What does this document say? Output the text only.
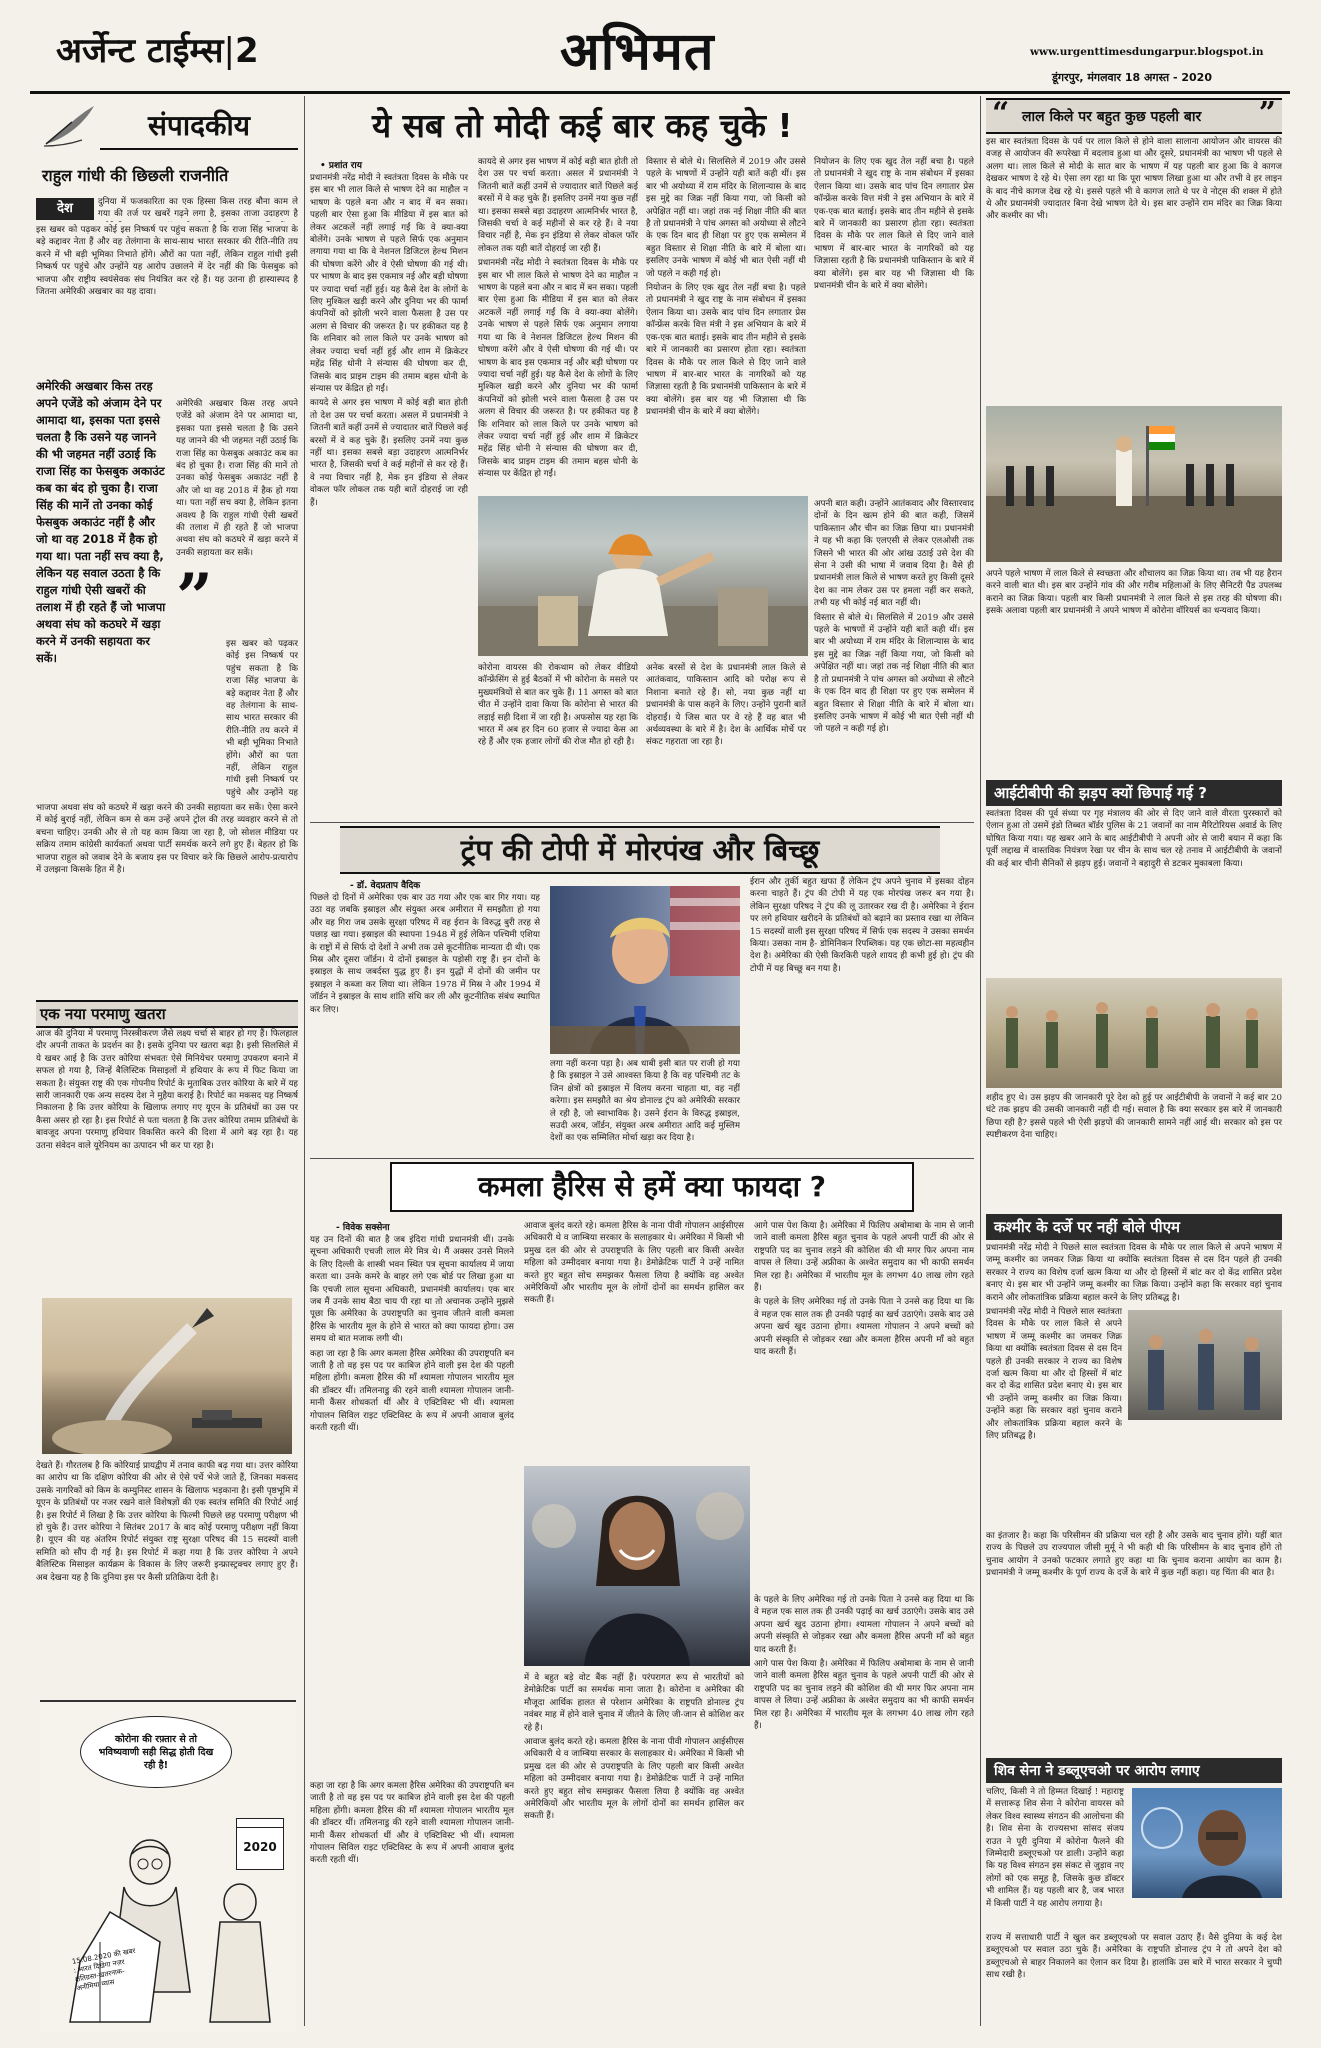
अर्जेन्ट टाईम्स|2	अभिमत	www.urgenttimesdungarpur.blogspot.in
डूंगरपुर, मंगलवार 18 अगस्त - 2020
संपादकीय
राहुल गांधी की छिछली राजनीति
देश	दुनिया में फजकारिता का एक हिस्सा किस तरह बौना काम ले गया की तर्ज पर खबरें गढ़ने लगा है, इसका ताजा उदाहरण है

इस खबर को पढ़कर कोई इस निष्कर्ष पर पहुंच सकता है कि राजा सिंह भाजपा के बड़े कद्दावर नेता हैं और वह तेलंगाना के साथ-साथ भारत सरकार की रीति-नीति तय करने में भी बड़ी भूमिका निभाते होंगे। औरों का पता नहीं, लेकिन राहुल गांधी इसी निष्कर्ष पर पहुंचे और उन्होंने यह आरोप उछालने में देर नहीं की कि फेसबुक को भाजपा और राष्ट्रीय स्वयंसेवक संघ नियंत्रित कर रहे हैं। यह उतना ही हास्यास्पद है जितना अमेरिकी अखबार का यह दावा।

अमेरिकी अखबार किस तरह अपने एजेंडे को अंजाम देने पर आमादा था, इसका पता इससे चलता है कि उसने यह जानने की भी जहमत नहीं उठाई कि राजा सिंह का फेसबुक अकाउंट कब का बंद हो चुका है। राजा सिंह की मानें तो उनका कोई फेसबुक अकाउंट नहीं है और जो था वह 2018 में हैक हो गया था। पता नहीं सच क्या है, लेकिन यह सवाल उठता है कि राहुल गांधी ऐसी खबरों की तलाश में ही रहते हैं जो भाजपा अथवा संघ को कठघरे में खड़ा करने में उनकी सहायता कर सकें।
”

अमेरिकी अखबार किस तरह अपने एजेंडे को अंजाम देने पर आमादा था, इसका पता इससे चलता है कि उसने यह जानने की भी जहमत नहीं उठाई कि राजा सिंह का फेसबुक अकाउंट कब का बंद हो चुका है। राजा सिंह की मानें तो उनका कोई फेसबुक अकाउंट नहीं है और जो था वह 2018 में हैक हो गया था। पता नहीं सच क्या है, लेकिन इतना अवश्य है कि राहुल गांधी ऐसी खबरों की तलाश में ही रहते हैं जो भाजपा अथवा संघ को कठघरे में खड़ा करने में उनकी सहायता कर सकें।

इस खबर को पढ़कर कोई इस निष्कर्ष पर पहुंच सकता है कि राजा सिंह भाजपा के बड़े कद्दावर नेता हैं और वह तेलंगाना के साथ-साथ भारत सरकार की रीति-नीति तय करने में भी बड़ी भूमिका निभाते होंगे। औरों का पता नहीं, लेकिन राहुल गांधी इसी निष्कर्ष पर पहुंचे और उन्होंने यह

भाजपा अथवा संघ को कठघरे में खड़ा करने की उनकी सहायता कर सकें। ऐसा करने में कोई बुराई नहीं, लेकिन कम से कम उन्हें अपने ट्रोल की तरह व्यवहार करने से तो बचना चाहिए। उनकी और से तो यह काम किया जा रहा है, जो सोशल मीडिया पर सक्रिय तमाम कांग्रेसी कार्यकर्ता अथवा पार्टी समर्थक करने लगे हुए हैं। बेहतर हो कि भाजपा राहुल को जवाब देने के बजाय इस पर विचार करे कि छिछले आरोप-प्रत्यारोप में उलझना किसके हित में है।

एक नया परमाणु खतरा

आज की दुनिया में परमाणु निरस्त्रीकरण जैसे लक्ष्य चर्चा से बाहर हो गए हैं। फिलहाल दौर अपनी ताकत के प्रदर्शन का है। इसके दुनिया पर खतरा बढ़ा है। इसी सिलसिले में ये खबर आई है कि उत्तर कोरिया संभवतः ऐसे मिनियेचर परमाणु उपकरण बनाने में सफल हो गया है, जिन्हें बैलिस्टिक मिसाइलों में हथियार के रूप में फिट किया जा सकता है। संयुक्त राष्ट्र की एक गोपनीय रिपोर्ट के मुताबिक उत्तर कोरिया के बारे में यह सारी जानकारी एक अन्य सदस्य देश ने मुहैया कराई है। रिपोर्ट का मकसद यह निष्कर्ष निकालना है कि उत्तर कोरिया के खिलाफ लगाए गए यूएन के प्रतिबंधों का उस पर कैसा असर हो रहा है। इस रिपोर्ट से पता चलता है कि उत्तर कोरिया तमाम प्रतिबंधों के बावजूद अपना परमाणु हथियार विकसित करने की दिशा में आगे बढ़ रहा है। यह उतना संवेदन वाले यूरेनियम का उत्पादन भी कर पा रहा है।

देखते हैं। गौरतलब है कि कोरियाई प्रायद्वीप में तनाव काफी बढ़ गया था। उत्तर कोरिया का आरोप था कि दक्षिण कोरिया की ओर से ऐसे पर्चे भेजे जाते हैं, जिनका मकसद उसके नागरिकों को किम के कम्युनिस्ट शासन के खिलाफ भड़काना है। इसी पृष्ठभूमि में यूएन के प्रतिबंधों पर नजर रखने वाले विशेषज्ञों की एक स्वतंत्र समिति की रिपोर्ट आई है। इस रिपोर्ट में लिखा है कि उत्तर कोरिया के फिल्मी पिछले छह परमाणु परीक्षण भी हो चुके हैं। उत्तर कोरिया ने सितंबर 2017 के बाद कोई परमाणु परीक्षण नहीं किया है। यूएन की यह अंतरिम रिपोर्ट संयुक्त राष्ट्र सुरक्षा परिषद की 15 सदस्यों वाली समिति को सौंप दी गई है। इस रिपोर्ट में कहा गया है कि उत्तर कोरिया ने अपने बैलिस्टिक मिसाइल कार्यक्रम के विकास के लिए जरूरी इन्फ्रास्ट्रक्चर लगाए हुए हैं। अब देखना यह है कि दुनिया इस पर कैसी प्रतिक्रिया देती है।

कोरोना की रफ़्तार से तो भविष्यवाणी सही सिद्ध होती दिख रही है!
2020
15.08.2020 की खबर : भारत दिखेगा नज़र क्षतिग्रस्त-खतरनाक-अनीमिया व्यास
ये सब तो मोदी कई बार कह चुके !
• प्रशांत राय

प्रधानमंत्री नरेंद्र मोदी ने स्वतंत्रता दिवस के मौके पर इस बार भी लाल किले से भाषण देने का माहौल न भाषण के पहले बना और न बाद में बन सका। पहली बार ऐसा हुआ कि मीडिया में इस बात को लेकर अटकलें नहीं लगाई गईं कि वे क्या-क्या बोलेंगे। उनके भाषण से पहले सिर्फ एक अनुमान लगाया गया था कि वे नेशनल डिजिटल हेल्थ मिशन की घोषणा करेंगे और वे ऐसी घोषणा की गई थी। पर भाषण के बाद इस एकमात्र नई और बड़ी घोषणा पर ज्यादा चर्चा नहीं हुई। यह कैसे देश के लोगों के लिए मुश्किल खड़ी करने और दुनिया भर की फार्मा कंपनियों को झोली भरने वाला फैसला है उस पर अलग से विचार की जरूरत है। पर हकीकत यह है कि शनिवार को लाल किले पर उनके भाषण को लेकर ज्यादा चर्चा नहीं हुई और शाम में क्रिकेटर महेंद्र सिंह धोनी ने संन्यास की घोषणा कर दी, जिसके बाद प्राइम टाइम की तमाम बहस धोनी के संन्यास पर केंद्रित हो गईं।

कायदे से अगर इस भाषण में कोई बड़ी बात होती तो देश उस पर चर्चा करता। असल में प्रधानमंत्री ने जितनी बातें कहीं उनमें से ज्यादातर बातें पिछले कई बरसों में वे कह चुके हैं। इसलिए उनमें नया कुछ नहीं था। इसका सबसे बड़ा उदाहरण आत्मनिर्भर भारत है, जिसकी चर्चा वे कई महीनों से कर रहे हैं। वे नया विचार नहीं है, मेक इन इंडिया से लेकर वोकल फॉर लोकल तक यही बातें दोहराई जा रही हैं।

कायदे से अगर इस भाषण में कोई बड़ी बात होती तो देश उस पर चर्चा करता। असल में प्रधानमंत्री ने जितनी बातें कहीं उनमें से ज्यादातर बातें पिछले कई बरसों में वे कह चुके हैं। इसलिए उनमें नया कुछ नहीं था। इसका सबसे बड़ा उदाहरण आत्मनिर्भर भारत है, जिसकी चर्चा वे कई महीनों से कर रहे हैं। वे नया विचार नहीं है, मेक इन इंडिया से लेकर वोकल फॉर लोकल तक यही बातें दोहराई जा रही हैं।

प्रधानमंत्री नरेंद्र मोदी ने स्वतंत्रता दिवस के मौके पर इस बार भी लाल किले से भाषण देने का माहौल न भाषण के पहले बना और न बाद में बन सका। पहली बार ऐसा हुआ कि मीडिया में इस बात को लेकर अटकलें नहीं लगाई गईं कि वे क्या-क्या बोलेंगे। उनके भाषण से पहले सिर्फ एक अनुमान लगाया गया था कि वे नेशनल डिजिटल हेल्थ मिशन की घोषणा करेंगे और वे ऐसी घोषणा की गई थी। पर भाषण के बाद इस एकमात्र नई और बड़ी घोषणा पर ज्यादा चर्चा नहीं हुई। यह कैसे देश के लोगों के लिए मुश्किल खड़ी करने और दुनिया भर की फार्मा कंपनियों को झोली भरने वाला फैसला है उस पर अलग से विचार की जरूरत है। पर हकीकत यह है कि शनिवार को लाल किले पर उनके भाषण को लेकर ज्यादा चर्चा नहीं हुई और शाम में क्रिकेटर महेंद्र सिंह धोनी ने संन्यास की घोषणा कर दी, जिसके बाद प्राइम टाइम की तमाम बहस धोनी के संन्यास पर केंद्रित हो गईं।

विस्तार से बोले थे। सिलसिले में 2019 और उससे पहले के भाषणों में उन्होंने यही बातें कही थीं। इस बार भी अयोध्या में राम मंदिर के शिलान्यास के बाद इस मुद्दे का जिक्र नहीं किया गया, जो किसी को अपेक्षित नहीं था। जहां तक नई शिक्षा नीति की बात है तो प्रधानमंत्री ने पांच अगस्त को अयोध्या से लौटने के एक दिन बाद ही शिक्षा पर हुए एक सम्मेलन में बहुत विस्तार से शिक्षा नीति के बारे में बोला था। इसलिए उनके भाषण में कोई भी बात ऐसी नहीं थी जो पहले न कही गई हो।

नियोजन के लिए एक खुद तेल नहीं बचा है। पहले तो प्रधानमंत्री ने खुद राष्ट्र के नाम संबोधन में इसका ऐलान किया था। उसके बाद पांच दिन लगातार प्रेस कॉन्फ्रेंस करके वित्त मंत्री ने इस अभियान के बारे में एक-एक बात बताई। इसके बाद तीन महीने से इसके बारे में जानकारी का प्रसारण होता रहा। स्वतंत्रता दिवस के मौके पर लाल किले से दिए जाने वाले भाषण में बार-बार भारत के नागरिकों को यह जिज्ञासा रहती है कि प्रधानमंत्री पाकिस्तान के बारे में क्या बोलेंगे। इस बार यह भी जिज्ञासा थी कि प्रधानमंत्री चीन के बारे में क्या बोलेंगे।

नियोजन के लिए एक खुद तेल नहीं बचा है। पहले तो प्रधानमंत्री ने खुद राष्ट्र के नाम संबोधन में इसका ऐलान किया था। उसके बाद पांच दिन लगातार प्रेस कॉन्फ्रेंस करके वित्त मंत्री ने इस अभियान के बारे में एक-एक बात बताई। इसके बाद तीन महीने से इसके बारे में जानकारी का प्रसारण होता रहा। स्वतंत्रता दिवस के मौके पर लाल किले से दिए जाने वाले भाषण में बार-बार भारत के नागरिकों को यह जिज्ञासा रहती है कि प्रधानमंत्री पाकिस्तान के बारे में क्या बोलेंगे। इस बार यह भी जिज्ञासा थी कि प्रधानमंत्री चीन के बारे में क्या बोलेंगे।

अपनी बात कही। उन्होंने आतंकवाद और विस्तारवाद दोनों के दिन खत्म होने की बात कही, जिसमें पाकिस्तान और चीन का जिक्र छिपा था। प्रधानमंत्री ने यह भी कहा कि एलएसी से लेकर एलओसी तक जिसने भी भारत की ओर आंख उठाई उसे देश की सेना ने उसी की भाषा में जवाब दिया है। वैसे ही प्रधानमंत्री लाल किले से भाषण करते हुए किसी दूसरे देश का नाम लेकर उस पर हमला नहीं कर सकते, तभी यह भी कोई नई बात नहीं थी।

विस्तार से बोले थे। सिलसिले में 2019 और उससे पहले के भाषणों में उन्होंने यही बातें कही थीं। इस बार भी अयोध्या में राम मंदिर के शिलान्यास के बाद इस मुद्दे का जिक्र नहीं किया गया, जो किसी को अपेक्षित नहीं था। जहां तक नई शिक्षा नीति की बात है तो प्रधानमंत्री ने पांच अगस्त को अयोध्या से लौटने के एक दिन बाद ही शिक्षा पर हुए एक सम्मेलन में बहुत विस्तार से शिक्षा नीति के बारे में बोला था। इसलिए उनके भाषण में कोई भी बात ऐसी नहीं थी जो पहले न कही गई हो।

कोरोना वायरस की रोकथाम को लेकर वीडियो कॉन्फ्रेंसिंग से हुई बैठकों में भी कोरोना के मसले पर मुख्यमंत्रियों से बात कर चुके हैं। 11 अगस्त को बात चीत में उन्होंने दावा किया कि कोरोना से भारत की लड़ाई सही दिशा में जा रही है। अफसोस यह रहा कि भारत में अब हर दिन 60 हजार से ज्यादा केस आ रहे हैं और एक हजार लोगों की रोज मौत हो रही है।

अनेक बरसों से देश के प्रधानमंत्री लाल किले से आतंकवाद, पाकिस्तान आदि को परोक्ष रूप से निशाना बनाते रहे हैं। सो, नया कुछ नहीं था प्रधानमंत्री के पास कहने के लिए। उन्होंने पुरानी बातें दोहराईं। ये जिस बात पर वे रहे हैं वह बात भी अर्थव्यवस्था के बारे में है। देश के आर्थिक मोर्चे पर संकट गहराता जा रहा है।

ट्रंप की टोपी में मोरपंख और बिच्छू
- डॉ. वेदप्रताप वैदिक

पिछले दो दिनों में अमेरिका एक बार उठ गया और एक बार गिर गया। यह उठा वह जबकि इस्राइल और संयुक्त अरब अमीरात में समझौता हो गया और वह गिरा जब उसके सुरक्षा परिषद में वह ईरान के विरुद्ध बुरी तरह से पछाड़ खा गया। इस्राइल की स्थापना 1948 में हुई लेकिन पश्चिमी एशिया के राष्ट्रों में से सिर्फ दो देशों ने अभी तक उसे कूटनीतिक मान्यता दी थी। एक मिस्र और दूसरा जॉर्डन। ये दोनों इस्राइल के पड़ोसी राष्ट्र हैं। इन दोनों के इस्राइल के साथ जबर्दस्त युद्ध हुए हैं। इन युद्धों में दोनों की जमीन पर इस्राइल ने कब्जा कर लिया था। लेकिन 1978 में मिस्र ने और 1994 में जॉर्डन ने इस्राइल के साथ शांति संधि कर ली और कूटनीतिक संबंध स्थापित कर लिए।

लगा नहीं करना पड़ा है। अब धाबी इसी बात पर राजी हो गया है कि इस्राइल ने उसे आश्वस्त किया है कि वह पश्चिमी तट के जिन क्षेत्रों को इस्राइल में विलय करना चाहता था, वह नहीं करेगा। इस समझौते का श्रेय डोनाल्ड ट्रंप को अमेरिकी सरकार ले रही है, जो स्वाभाविक है। उसने ईरान के विरुद्ध इस्राइल, सउदी अरब, जॉर्डन, संयुक्त अरब अमीरात आदि कई मुस्लिम देशों का एक सम्मिलित मोर्चा खड़ा कर दिया है।

ईरान और तुर्की बहुत खफा हैं लेकिन ट्रंप अपने चुनाव में इसका दोहन करना चाहते हैं। ट्रंप की टोपी में यह एक मोरपंख जरूर बन गया है। लेकिन सुरक्षा परिषद ने ट्रंप की लू उतारकर रख दी है। अमेरिका ने ईरान पर लगे हथियार खरीदने के प्रतिबंधों को बढ़ाने का प्रस्ताव रखा था लेकिन 15 सदस्यों वाली इस सुरक्षा परिषद में सिर्फ एक सदस्य ने उसका समर्थन किया। उसका नाम है- डोमिनिकन रिपब्लिक। यह एक छोटा-सा महत्वहीन देश है। अमेरिका की ऐसी किरकिरी पहले शायद ही कभी हुई हो। ट्रंप की टोपी में यह बिच्छू बन गया है।

कमला हैरिस से हमें क्या फायदा ?
- विवेक सक्सेना

यह उन दिनों की बात है जब इंदिरा गांधी प्रधानमंत्री थीं। उनके सूचना अधिकारी एचजी लाल मेरे मित्र थे। मैं अक्सर उनसे मिलने के लिए दिल्ली के शास्त्री भवन स्थित पत्र सूचना कार्यालय में जाया करता था। उनके कमरे के बाहर लगे एक बोर्ड पर लिखा हुआ था कि एचजी लाल सूचना अधिकारी, प्रधानमंत्री कार्यालय। एक बार जब मैं उनके साथ बैठा चाय पी रहा था तो अचानक उन्होंने मुझसे पूछा कि अमेरिका के उपराष्ट्रपति का चुनाव जीतने वाली कमला हैरिस के भारतीय मूल के होने से भारत को क्या फायदा होगा। उस समय वो बात मजाक लगी थी।

कहा जा रहा है कि अगर कमला हैरिस अमेरिका की उपराष्ट्रपति बन जाती है तो वह इस पद पर काबिज होने वाली इस देश की पहली महिला होंगी। कमला हैरिस की माँ श्यामला गोपालन भारतीय मूल की डॉक्टर थीं। तमिलनाडु की रहने वाली श्यामला गोपालन जानी-मानी कैंसर शोधकर्ता थीं और वे एक्टिविस्ट भी थीं। श्यामला गोपालन सिविल राइट एक्टिविस्ट के रूप में अपनी आवाज बुलंद करती रहती थीं।

आवाज बुलंद करते रहे। कमला हैरिस के नाना पीवी गोपालन आईसीएस अधिकारी थे व जाम्बिया सरकार के सलाहकार थे। अमेरिका में किसी भी प्रमुख दल की ओर से उपराष्ट्रपति के लिए पहली बार किसी अश्वेत महिला को उम्मीदवार बनाया गया है। डेमोक्रेटिक पार्टी ने उन्हें नामित करते हुए बहुत सोच समझकर फैसला लिया है क्योंकि वह अश्वेत अमेरिकियों और भारतीय मूल के लोगों दोनों का समर्थन हासिल कर सकती हैं।

आगे पास पेश किया है। अमेरिका में फिलिप अबोमाबा के नाम से जानी जाने वाली कमला हैरिस बहुत चुनाव के पहले अपनी पार्टी की ओर से राष्ट्रपति पद का चुनाव लड़ने की कोशिश की थी मगर फिर अपना नाम वापस ले लिया। उन्हें अफ्रीका के अश्वेत समुदाय का भी काफी समर्थन मिल रहा है। अमेरिका में भारतीय मूल के लगभग 40 लाख लोग रहते हैं।

के पहले के लिए अमेरिका गई तो उनके पिता ने उनसे कह दिया था कि वे महज एक साल तक ही उनकी पढ़ाई का खर्च उठाएंगे। उसके बाद उसे अपना खर्च खुद उठाना होगा। श्यामला गोपालन ने अपने बच्चों को अपनी संस्कृति से जोड़कर रखा और कमला हैरिस अपनी माँ को बहुत याद करती हैं।

में वे बहुत बड़े वोट बैंक नहीं हैं। परंपरागत रूप से भारतीयों को डेमोक्रेटिक पार्टी का समर्थक माना जाता है। कोरोना व अमेरिका की मौजूदा आर्थिक हालत से परेशान अमेरिका के राष्ट्रपति डोनाल्ड ट्रंप नवंबर माह में होने वाले चुनाव में जीतने के लिए जी-जान से कोशिश कर रहे हैं।

आवाज बुलंद करते रहे। कमला हैरिस के नाना पीवी गोपालन आईसीएस अधिकारी थे व जाम्बिया सरकार के सलाहकार थे। अमेरिका में किसी भी प्रमुख दल की ओर से उपराष्ट्रपति के लिए पहली बार किसी अश्वेत महिला को उम्मीदवार बनाया गया है। डेमोक्रेटिक पार्टी ने उन्हें नामित करते हुए बहुत सोच समझकर फैसला लिया है क्योंकि वह अश्वेत अमेरिकियों और भारतीय मूल के लोगों दोनों का समर्थन हासिल कर सकती हैं।

कहा जा रहा है कि अगर कमला हैरिस अमेरिका की उपराष्ट्रपति बन जाती है तो वह इस पद पर काबिज होने वाली इस देश की पहली महिला होंगी। कमला हैरिस की माँ श्यामला गोपालन भारतीय मूल की डॉक्टर थीं। तमिलनाडु की रहने वाली श्यामला गोपालन जानी-मानी कैंसर शोधकर्ता थीं और वे एक्टिविस्ट भी थीं। श्यामला गोपालन सिविल राइट एक्टिविस्ट के रूप में अपनी आवाज बुलंद करती रहती थीं।

के पहले के लिए अमेरिका गई तो उनके पिता ने उनसे कह दिया था कि वे महज एक साल तक ही उनकी पढ़ाई का खर्च उठाएंगे। उसके बाद उसे अपना खर्च खुद उठाना होगा। श्यामला गोपालन ने अपने बच्चों को अपनी संस्कृति से जोड़कर रखा और कमला हैरिस अपनी माँ को बहुत याद करती हैं।

आगे पास पेश किया है। अमेरिका में फिलिप अबोमाबा के नाम से जानी जाने वाली कमला हैरिस बहुत चुनाव के पहले अपनी पार्टी की ओर से राष्ट्रपति पद का चुनाव लड़ने की कोशिश की थी मगर फिर अपना नाम वापस ले लिया। उन्हें अफ्रीका के अश्वेत समुदाय का भी काफी समर्थन मिल रहा है। अमेरिका में भारतीय मूल के लगभग 40 लाख लोग रहते हैं।

“ लाल किले पर बहुत कुछ पहली बार ”

इस बार स्वतंत्रता दिवस के पर्व पर लाल किले से होने वाला सालाना आयोजन और वायरस की वजह से आयोजन की रूपरेखा में बदलाव हुआ था और दूसरे, प्रधानमंत्री का भाषण भी पहले से अलग था। लाल किले से मोदी के सात बार के भाषण में यह पहली बार हुआ कि वे कागज देखकर भाषण दे रहे थे। ऐसा लग रहा था कि पूरा भाषण लिखा हुआ था और तभी वे हर लाइन के बाद नीचे कागज देख रहे थे। इससे पहले भी वे कागज लाते थे पर वे नोट्स की शक्ल में होते थे और प्रधानमंत्री ज्यादातर बिना देखे भाषण देते थे। इस बार उन्होंने राम मंदिर का जिक्र किया और कश्मीर का भी।

अपने पहले भाषण में लाल किले से स्वच्छता और शौचालय का जिक्र किया था। तब भी यह हैरान करने वाली बात थी। इस बार उन्होंने गांव की और गरीब महिलाओं के लिए सैनिटरी पैड उपलब्ध कराने का जिक्र किया। पहली बार किसी प्रधानमंत्री ने लाल किले से इस तरह की घोषणा की। इसके अलावा पहली बार प्रधानमंत्री ने अपने भाषण में कोरोना वॉरियर्स का धन्यवाद किया।

आईटीबीपी की झड़प क्यों छिपाई गई ?

स्वतंत्रता दिवस की पूर्व संध्या पर गृह मंत्रालय की ओर से दिए जाने वाले वीरता पुरस्कारों को ऐलान हुआ तो उसमें इंडो तिब्बत बॉर्डर पुलिस के 21 जवानों का नाम मैरिटोरियस अवार्ड के लिए घोषित किया गया। यह खबर आने के बाद आईटीबीपी ने अपनी ओर से जारी बयान में कहा कि पूर्वी लद्दाख में वास्तविक नियंत्रण रेखा पर चीन के साथ चल रहे तनाव में आईटीबीपी के जवानों की कई बार चीनी सैनिकों से झड़प हुई। जवानों ने बहादुरी से डटकर मुकाबला किया।

शहीद हुए थे। उस झड़प की जानकारी पूरे देश को हुई पर आईटीबीपी के जवानों ने कई बार 20 घंटे तक झड़प की उसकी जानकारी नहीं दी गई। सवाल है कि क्या सरकार इस बारे में जानकारी छिपा रही है? इससे पहले भी ऐसी झड़पों की जानकारी सामने नहीं आई थी। सरकार को इस पर स्पष्टीकरण देना चाहिए।

कश्मीर के दर्जे पर नहीं बोले पीएम

प्रधानमंत्री नरेंद्र मोदी ने पिछले साल स्वतंत्रता दिवस के मौके पर लाल किले से अपने भाषण में जम्मू कश्मीर का जमकर जिक्र किया था क्योंकि स्वतंत्रता दिवस से दस दिन पहले ही उनकी सरकार ने राज्य का विशेष दर्जा खत्म किया था और दो हिस्सों में बांट कर दो केंद्र शासित प्रदेश बनाए थे। इस बार भी उन्होंने जम्मू कश्मीर का जिक्र किया। उन्होंने कहा कि सरकार वहां चुनाव कराने और लोकतांत्रिक प्रक्रिया बहाल करने के लिए प्रतिबद्ध है।

प्रधानमंत्री नरेंद्र मोदी ने पिछले साल स्वतंत्रता दिवस के मौके पर लाल किले से अपने भाषण में जम्मू कश्मीर का जमकर जिक्र किया था क्योंकि स्वतंत्रता दिवस से दस दिन पहले ही उनकी सरकार ने राज्य का विशेष दर्जा खत्म किया था और दो हिस्सों में बांट कर दो केंद्र शासित प्रदेश बनाए थे। इस बार भी उन्होंने जम्मू कश्मीर का जिक्र किया। उन्होंने कहा कि सरकार वहां चुनाव कराने और लोकतांत्रिक प्रक्रिया बहाल करने के लिए प्रतिबद्ध है।

का इंतजार है। कहा कि परिसीमन की प्रक्रिया चल रही है और उसके बाद चुनाव होंगे। यहीं बात राज्य के पिछले उप राज्यपाल जीसी मुर्मू ने भी कही थी कि परिसीमन के बाद चुनाव होंगे तो चुनाव आयोग ने उनको फटकार लगाते हुए कहा था कि चुनाव कराना आयोग का काम है। प्रधानमंत्री ने जम्मू कश्मीर के पूर्ण राज्य के दर्जे के बारे में कुछ नहीं कहा। यह चिंता की बात है।

शिव सेना ने डब्लूएचओ पर आरोप लगाए

चलिए, किसी ने तो हिम्मत दिखाई ! महाराष्ट्र में सत्तारूढ़ शिव सेना ने कोरोना वायरस को लेकर विश्व स्वास्थ्य संगठन की आलोचना की है। शिव सेना के राज्यसभा सांसद संजय राउत ने पूरी दुनिया में कोरोना फैलने की जिम्मेदारी डब्लूएचओ पर डाली। उन्होंने कहा कि यह विश्व संगठन इस संकट से जुड़ाव नए लोगों को एक समूह है, जिसके कुछ डॉक्टर भी शामिल हैं। यह पहली बार है, जब भारत में किसी पार्टी ने यह आरोप लगाया है।

राज्य में सत्ताधारी पार्टी ने खुल कर डब्लूएचओ पर सवाल उठाए हैं। वैसे दुनिया के कई देश डब्लूएचओ पर सवाल उठा चुके हैं। अमेरिका के राष्ट्रपति डोनाल्ड ट्रंप ने तो अपने देश को डब्लूएचओ से बाहर निकालने का ऐलान कर दिया है। हालांकि उस बारे में भारत सरकार ने चुप्पी साध रखी है।
